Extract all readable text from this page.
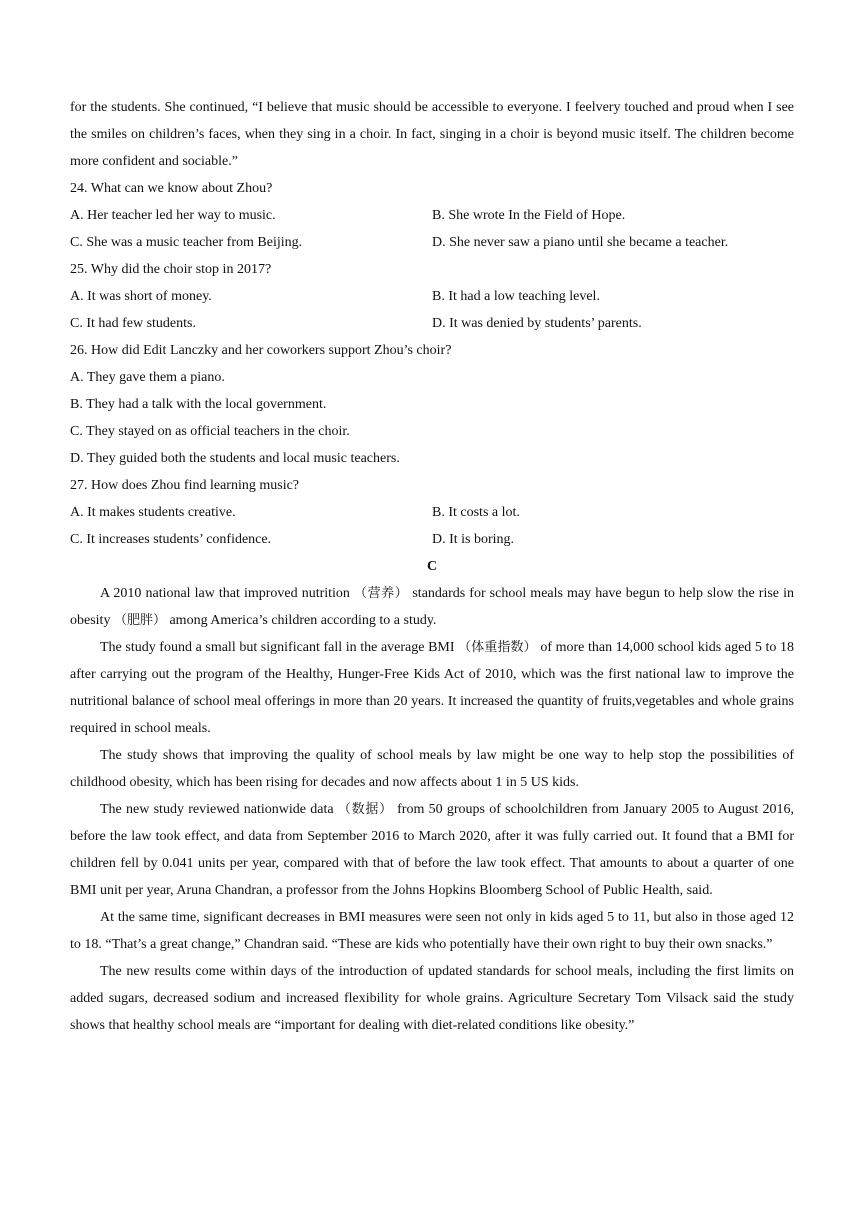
for the students. She continued, “I believe that music should be accessible to everyone. I feelvery touched and proud when I see the smiles on children’s faces, when they sing in a choir. In fact, singing in a choir is beyond music itself. The children become more confident and sociable.”

24. What can we know about Zhou?

A. Her teacher led her way to music.	B. She wrote In the Field of Hope.

C. She was a music teacher from Beijing.	D. She never saw a piano until she became a teacher.

25. Why did the choir stop in 2017?

A. It was short of money.	B. It had a low teaching level.

C. It had few students.	D. It was denied by students’ parents.

26. How did Edit Lanczky and her coworkers support Zhou’s choir?

A. They gave them a piano.

B. They had a talk with the local government.

C. They stayed on as official teachers in the choir.

D. They guided both the students and local music teachers.

27. How does Zhou find learning music?

A. It makes students creative.	B. It costs a lot.

C. It increases students’ confidence.	D. It is boring.

C

A 2010 national law that improved nutrition （营养） standards for school meals may have begun to help slow the rise in obesity （肥胖） among America’s children according to a study.

The study found a small but significant fall in the average BMI （体重指数） of more than 14,000 school kids aged 5 to 18 after carrying out the program of the Healthy, Hunger-Free Kids Act of 2010, which was the first national law to improve the nutritional balance of school meal offerings in more than 20 years. It increased the quantity of fruits,vegetables and whole grains required in school meals.

The study shows that improving the quality of school meals by law might be one way to help stop the possibilities of childhood obesity, which has been rising for decades and now affects about 1 in 5 US kids.

The new study reviewed nationwide data （数据） from 50 groups of schoolchildren from January 2005 to August 2016, before the law took effect, and data from September 2016 to March 2020, after it was fully carried out. It found that a BMI for children fell by 0.041 units per year, compared with that of before the law took effect. That amounts to about a quarter of one BMI unit per year, Aruna Chandran, a professor from the Johns Hopkins Bloomberg School of Public Health, said.

At the same time, significant decreases in BMI measures were seen not only in kids aged 5 to 11, but also in those aged 12 to 18. “That’s a great change,” Chandran said. “These are kids who potentially have their own right to buy their own snacks.”

The new results come within days of the introduction of updated standards for school meals, including the first limits on added sugars, decreased sodium and increased flexibility for whole grains. Agriculture Secretary Tom Vilsack said the study shows that healthy school meals are “important for dealing with diet-related conditions like obesity.”
